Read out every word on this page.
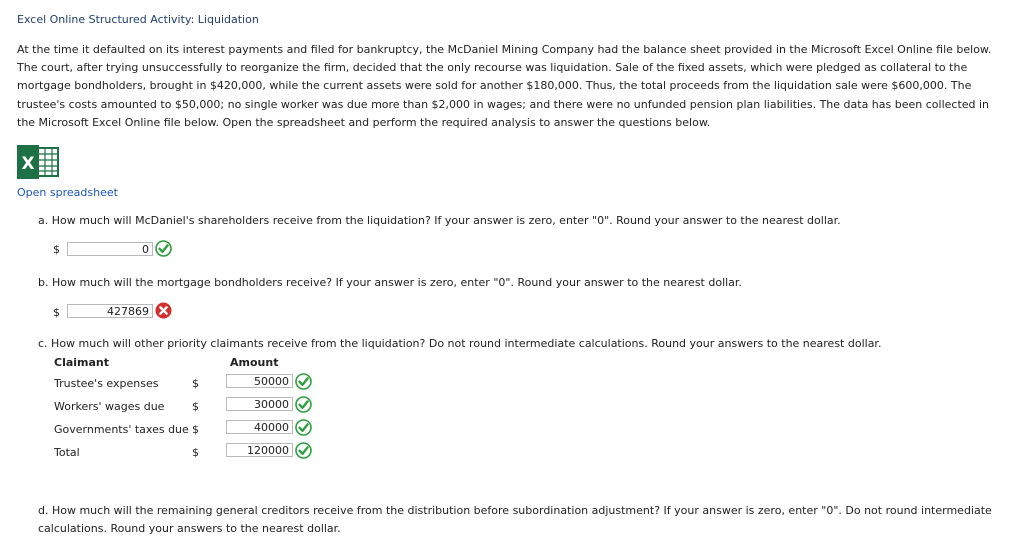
Excel Online Structured Activity: Liquidation
At the time it defaulted on its interest payments and filed for bankruptcy, the McDaniel Mining Company had the balance sheet provided in the Microsoft Excel Online file below. The court, after trying unsuccessfully to reorganize the firm, decided that the only recourse was liquidation. Sale of the fixed assets, which were pledged as collateral to the mortgage bondholders, brought in $420,000, while the current assets were sold for another $180,000. Thus, the total proceeds from the liquidation sale were $600,000. The trustee's costs amounted to $50,000; no single worker was due more than $2,000 in wages; and there were no unfunded pension plan liabilities. The data has been collected in the Microsoft Excel Online file below. Open the spreadsheet and perform the required analysis to answer the questions below.
X
Open spreadsheet
a. How much will McDaniel's shareholders receive from the liquidation? If your answer is zero, enter "0". Round your answer to the nearest dollar.
$	0
b. How much will the mortgage bondholders receive? If your answer is zero, enter "0". Round your answer to the nearest dollar.
$	427869
c. How much will other priority claimants receive from the liquidation? Do not round intermediate calculations. Round your answers to the nearest dollar.
Claimant	Amount
Trustee's expenses	$	50000
Workers' wages due	$	30000
Governments' taxes due $	40000
Total	$	120000
d. How much will the remaining general creditors receive from the distribution before subordination adjustment? If your answer is zero, enter "0". Do not round intermediate calculations. Round your answers to the nearest dollar.
